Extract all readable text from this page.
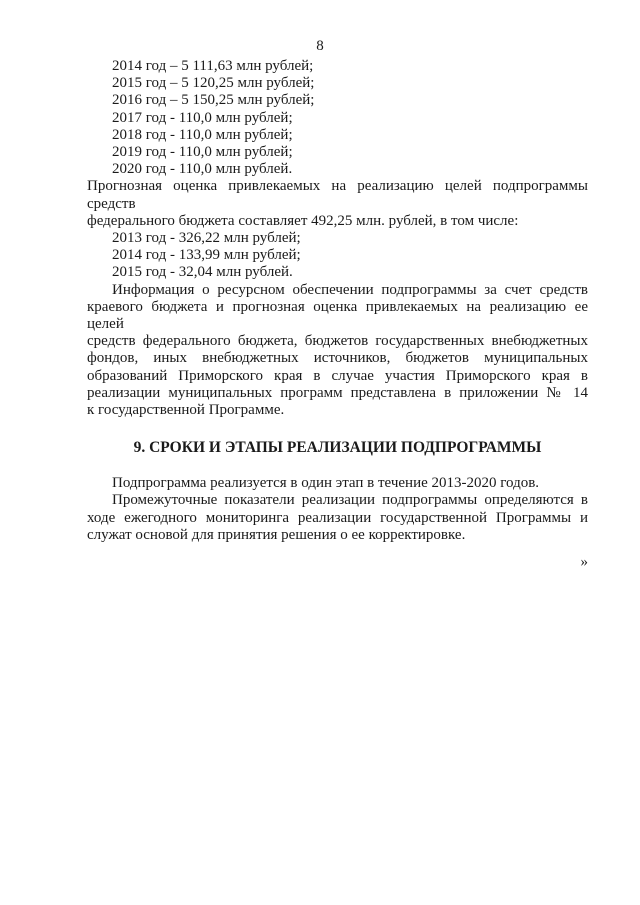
8

2014 год – 5 111,63 млн рублей;

2015 год – 5 120,25 млн рублей;

2016 год – 5 150,25 млн рублей;

2017 год - 110,0 млн рублей;

2018 год - 110,0 млн рублей;

2019 год - 110,0 млн рублей;

2020 год - 110,0 млн рублей.

Прогнозная оценка привлекаемых на реализацию целей подпрограммы средств
федерального бюджета составляет 492,25 млн. рублей, в том числе:

2013 год - 326,22 млн рублей;

2014 год - 133,99 млн рублей;

2015 год - 32,04 млн рублей.

Информация о ресурсном обеспечении подпрограммы за счет средств
краевого бюджета и прогнозная оценка привлекаемых на реализацию ее целей
средств федерального бюджета, бюджетов государственных внебюджетных
фондов, иных внебюджетных источников, бюджетов муниципальных
образований Приморского края в случае участия Приморского края в
реализации муниципальных программ представлена в приложении № 14
к государственной Программе.

9. СРОКИ И ЭТАПЫ РЕАЛИЗАЦИИ ПОДПРОГРАММЫ

Подпрограмма реализуется в один этап в течение 2013-2020 годов.

Промежуточные показатели реализации подпрограммы определяются в
ходе ежегодного мониторинга реализации государственной Программы и
служат основой для принятия решения о ее корректировке.

»
